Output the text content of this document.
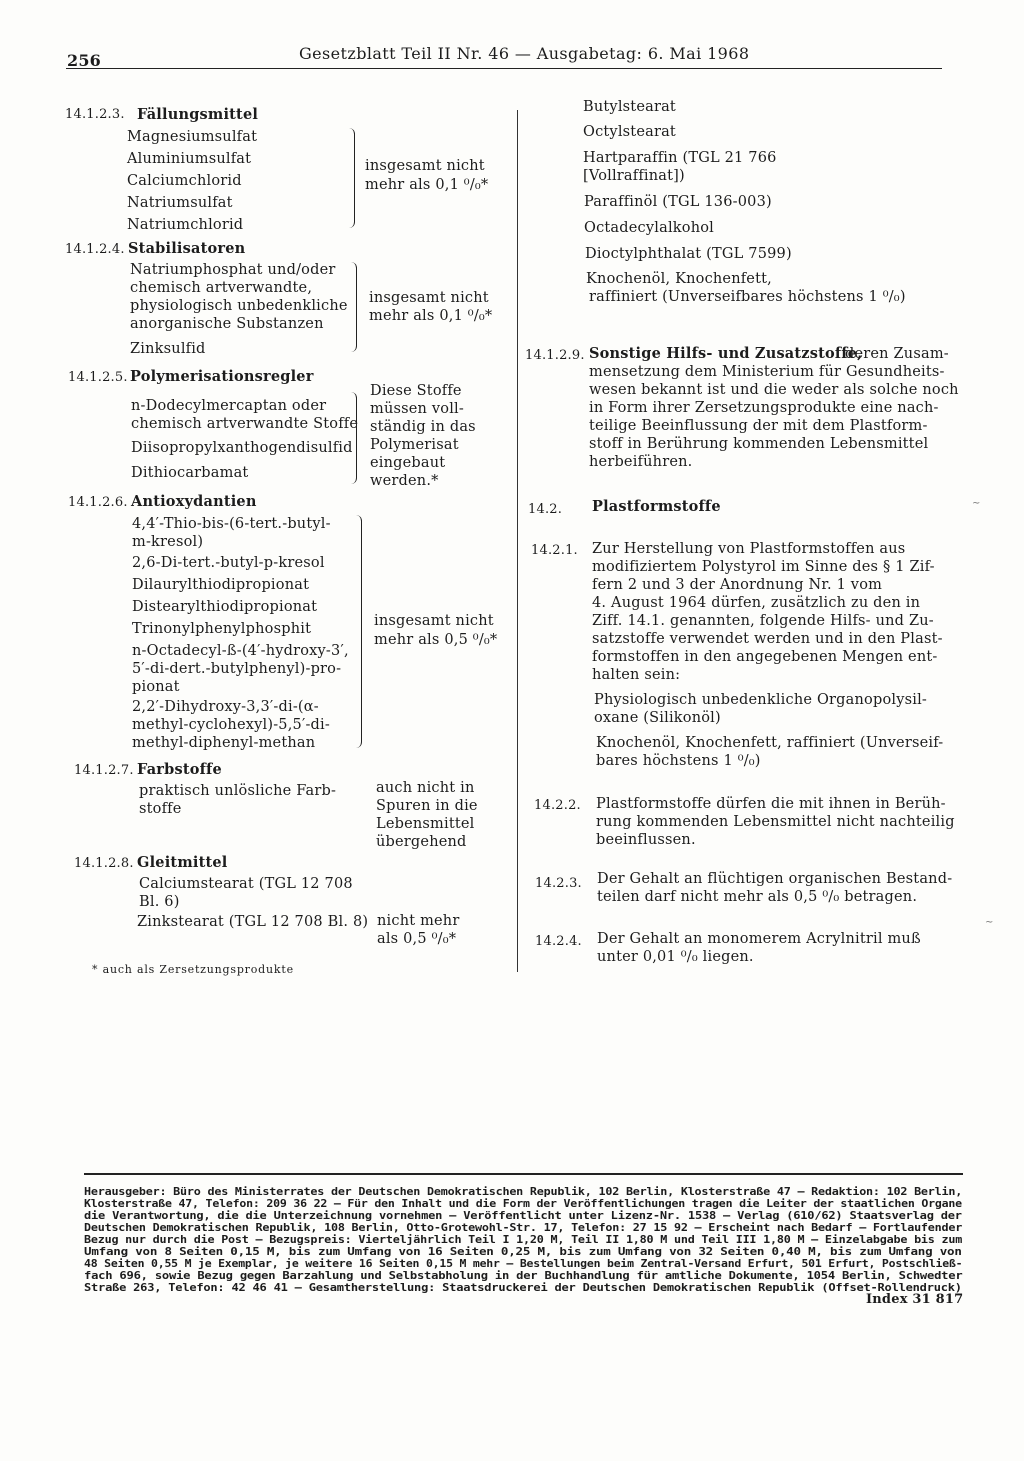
256	Gesetzblatt Teil II Nr. 46 — Ausgabetag: 6. Mai 1968
14.1.2.3. Fällungsmittel
Magnesiumsulfat
Aluminiumsulfat
Calciumchlorid
Natriumsulfat
Natriumchlorid
insgesamt nicht
mehr als 0,1 ⁰/₀*
14.1.2.4. Stabilisatoren
Natriumphosphat und/oder
chemisch artverwandte,
physiologisch unbedenkliche
anorganische Substanzen
Zinksulfid
insgesamt nicht
mehr als 0,1 ⁰/₀*
14.1.2.5. Polymerisationsregler
n-Dodecylmercaptan oder
chemisch artverwandte Stoffe
Diisopropylxanthogendisulfid
Dithiocarbamat
Diese Stoffe
müssen voll-
ständig in das
Polymerisat
eingebaut
werden.*
14.1.2.6. Antioxydantien
4,4′-Thio-bis-(6-tert.-butyl-
m-kresol)
2,6-Di-tert.-butyl-p-kresol
Dilaurylthiodipropionat
Distearylthiodipropionat
Trinonylphenylphosphit
n-Octadecyl-ß-(4′-hydroxy-3′,
5′-di-dert.-butylphenyl)-pro-
pionat
2,2′-Dihydroxy-3,3′-di-(α-
methyl-cyclohexyl)-5,5′-di-
methyl-diphenyl-methan
insgesamt nicht
mehr als 0,5 ⁰/₀*
14.1.2.7. Farbstoffe
praktisch unlösliche Farb-
stoffe
auch nicht in
Spuren in die
Lebensmittel
übergehend
14.1.2.8. Gleitmittel
Calciumstearat (TGL 12 708
Bl. 6)
Zinkstearat (TGL 12 708 Bl. 8) nicht mehr
als 0,5 ⁰/₀*
* auch als Zersetzungsprodukte
Butylstearat
Octylstearat
Hartparaffin (TGL 21 766
[Vollraffinat])
Paraffinöl (TGL 136-003)
Octadecylalkohol
Dioctylphthalat (TGL 7599)
Knochenöl, Knochenfett,
raffiniert (Unverseifbares höchstens 1 ⁰/₀)
14.1.2.9. Sonstige Hilfs- und Zusatzstoffe,
deren Zusam-
mensetzung dem Ministerium für Gesundheits-
wesen bekannt ist und die weder als solche noch
in Form ihrer Zersetzungsprodukte eine nach-
teilige Beeinflussung der mit dem Plastform-
stoff in Berührung kommenden Lebensmittel
herbeiführen.
14.2. Plastformstoffe
14.2.1. Zur Herstellung von Plastformstoffen aus
modifiziertem Polystyrol im Sinne des § 1 Zif-
fern 2 und 3 der Anordnung Nr. 1 vom
4. August 1964 dürfen, zusätzlich zu den in
Ziff. 14.1. genannten, folgende Hilfs- und Zu-
satzstoffe verwendet werden und in den Plast-
formstoffen in den angegebenen Mengen ent-
halten sein:
Physiologisch unbedenkliche Organopolysil-
oxane (Silikonöl)
Knochenöl, Knochenfett, raffiniert (Unverseif-
bares höchstens 1 ⁰/₀)
14.2.2. Plastformstoffe dürfen die mit ihnen in Berüh-
rung kommenden Lebensmittel nicht nachteilig
beeinflussen.
14.2.3. Der Gehalt an flüchtigen organischen Bestand-
teilen darf nicht mehr als 0,5 ⁰/₀ betragen.
14.2.4. Der Gehalt an monomerem Acrylnitril muß
unter 0,01 ⁰/₀ liegen.
∼
∼
Herausgeber: Büro des Ministerrates der Deutschen Demokratischen Republik, 102 Berlin, Klosterstraße 47 – Redaktion: 102 Berlin,
Klosterstraße 47, Telefon: 209 36 22 – Für den Inhalt und die Form der Veröffentlichungen tragen die Leiter der staatlichen Organe
die Verantwortung, die die Unterzeichnung vornehmen – Veröffentlicht unter Lizenz-Nr. 1538 – Verlag (610/62) Staatsverlag der
Deutschen Demokratischen Republik, 108 Berlin, Otto-Grotewohl-Str. 17, Telefon: 27 15 92 – Erscheint nach Bedarf – Fortlaufender
Bezug nur durch die Post – Bezugspreis: Vierteljährlich Teil I 1,20 M, Teil II 1,80 M und Teil III 1,80 M – Einzelabgabe bis zum
Umfang von 8 Seiten 0,15 M, bis zum Umfang von 16 Seiten 0,25 M, bis zum Umfang von 32 Seiten 0,40 M, bis zum Umfang von
48 Seiten 0,55 M je Exemplar, je weitere 16 Seiten 0,15 M mehr – Bestellungen beim Zentral-Versand Erfurt, 501 Erfurt, Postschließ-
fach 696, sowie Bezug gegen Barzahlung und Selbstabholung in der Buchhandlung für amtliche Dokumente, 1054 Berlin, Schwedter
Straße 263, Telefon: 42 46 41 – Gesamtherstellung: Staatsdruckerei der Deutschen Demokratischen Republik (Offset-Rollendruck)
Index 31 817
